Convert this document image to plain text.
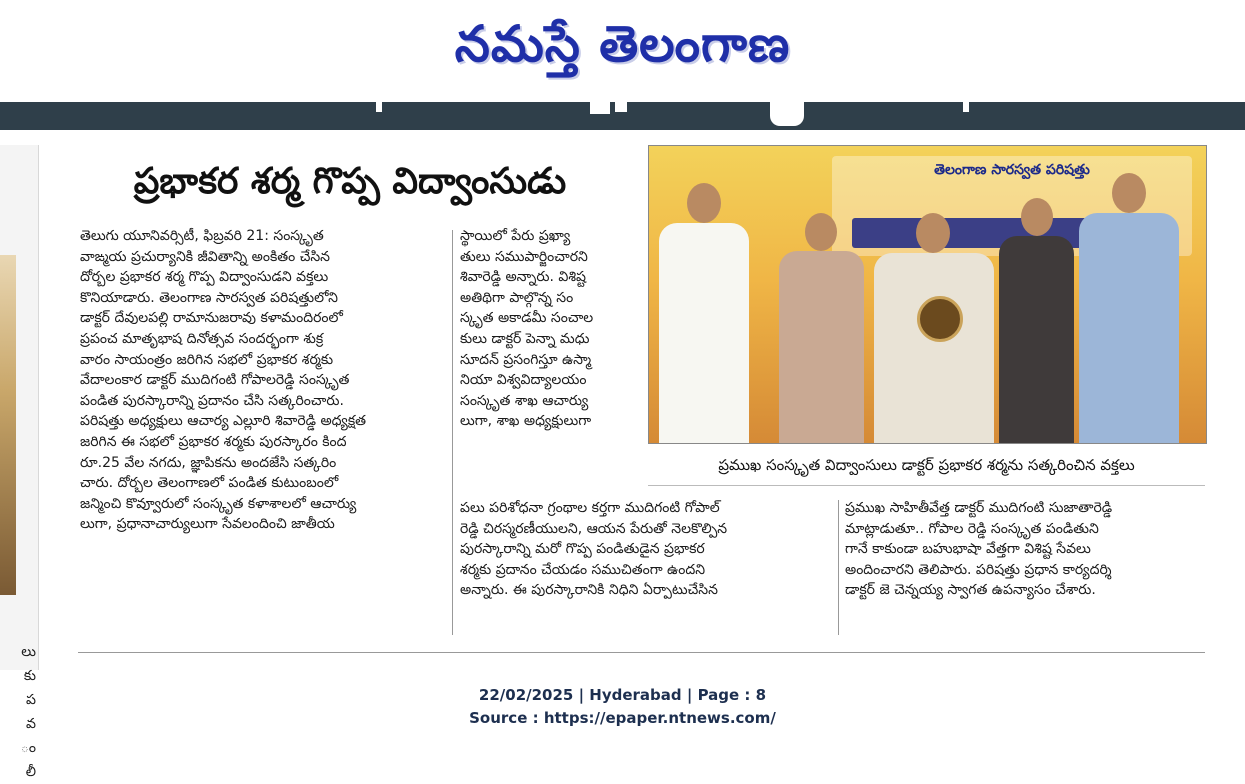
నమస్తే తెలంగాణ
లు
కు
ప
వ
ం
లీ
ప్రభాకర శర్మ గొప్ప విద్వాంసుడు
తెలుగు యూనివర్సిటీ, ఫిబ్రవరి 21: సంస్కృత
వాఙ్మయ ప్రచుర్యానికి జీవితాన్ని అంకితం చేసిన
దోర్బల ప్రభాకర శర్మ గొప్ప విద్వాంసుడని వక్తలు
కొనియాడారు. తెలంగాణ సారస్వత పరిషత్తులోని
డాక్టర్ దేవులపల్లి రామానుజరావు కళామందిరంలో
ప్రపంచ మాతృభాష దినోత్సవ సందర్భంగా శుక్ర
వారం సాయంత్రం జరిగిన సభలో ప్రభాకర శర్మకు
వేదాలంకార డాక్టర్ ముదిగంటి గోపాలరెడ్డి సంస్కృత
పండిత పురస్కారాన్ని ప్రదానం చేసి సత్కరించారు.
పరిషత్తు అధ్యక్షులు ఆచార్య ఎల్లూరి శివారెడ్డి అధ్యక్షత
జరిగిన ఈ సభలో ప్రభాకర శర్మకు పురస్కారం కింద
రూ.25 వేల నగదు, జ్ఞాపికను అందజేసి సత్కరిం
చారు. దోర్బల తెలంగాణలో పండిత కుటుంబంలో
జన్మించి కొవ్వూరులో సంస్కృత కళాశాలలో ఆచార్యు
లుగా, ప్రధానాచార్యులుగా సేవలందించి జాతీయ
స్థాయిలో పేరు ప్రఖ్యా
తులు సముపార్జించారని
శివారెడ్డి అన్నారు. విశిష్ట
అతిథిగా పాల్గొన్న సం
స్కృత అకాడమీ సంచాల
కులు డాక్టర్ పెన్నా మధు
సూదన్ ప్రసంగిస్తూ ఉస్మా
నియా విశ్వవిద్యాలయం
సంస్కృత శాఖ ఆచార్యు
లుగా, శాఖ అధ్యక్షులుగా
పలు పరిశోధనా గ్రంథాల కర్తగా ముదిగంటి గోపాల్
రెడ్డి చిరస్మరణీయులని, ఆయన పేరుతో నెలకొల్పిన
పురస్కారాన్ని మరో గొప్ప పండితుడైన ప్రభాకర
శర్మకు ప్రదానం చేయడం సముచితంగా ఉందని
అన్నారు. ఈ పురస్కారానికి నిధిని ఏర్పాటుచేసిన
ప్రముఖ సాహితీవేత్త డాక్టర్ ముదిగంటి సుజాతారెడ్డి
మాట్లాడుతూ.. గోపాల రెడ్డి సంస్కృత పండితుని
గానే కాకుండా బహుభాషా వేత్తగా విశిష్ట సేవలు
అందించారని తెలిపారు. పరిషత్తు ప్రధాన కార్యదర్శి
డాక్టర్ జె చెన్నయ్య స్వాగత ఉపన్యాసం చేశారు.
తెలంగాణ సారస్వత పరిషత్తు
ప్రముఖ సంస్కృత విద్వాంసులు డాక్టర్ ప్రభాకర శర్మను సత్కరించిన వక్తలు
22/02/2025 | Hyderabad | Page : 8
Source : https://epaper.ntnews.com/
